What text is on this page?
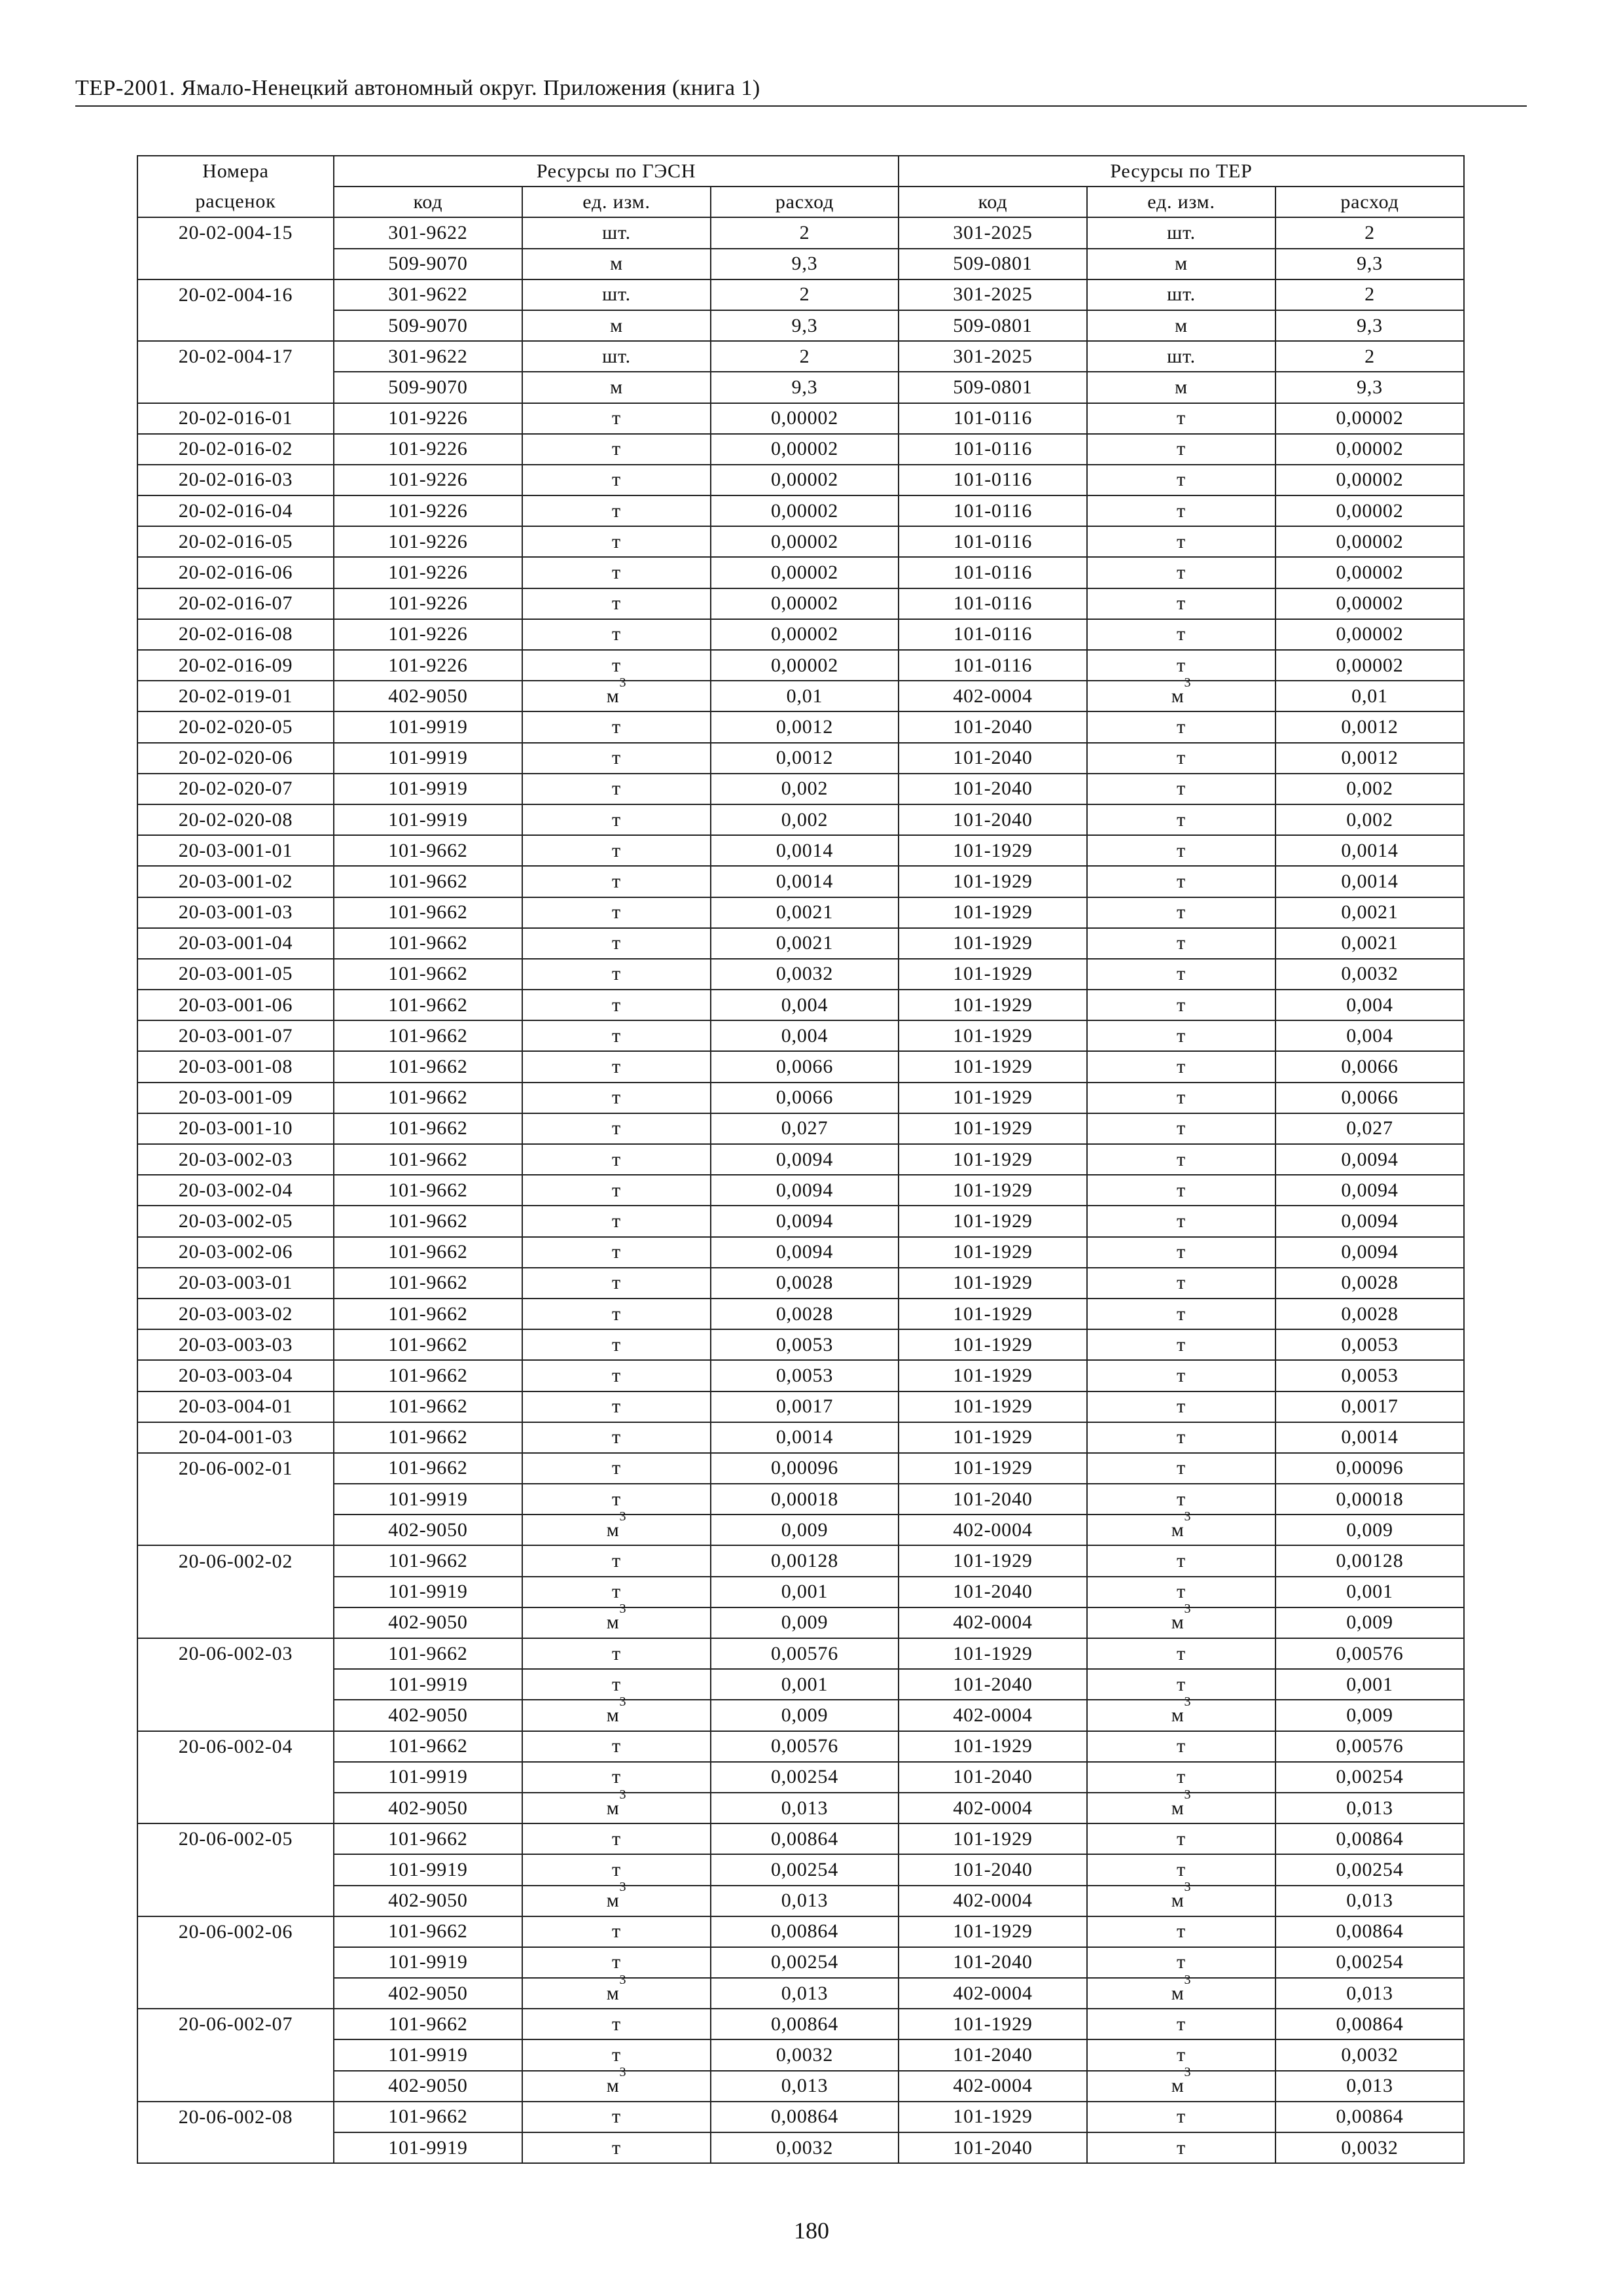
ТЕР-2001. Ямало-Ненецкий автономный округ. Приложения (книга 1)
Номера	Ресурсы по ГЭСН			Ресурсы по ТЕР		
расценок	код	ед. изм.	расход	код	ед. изм.	расход
20-02-004-15	301-9622	шт.	2	301-2025	шт.	2
	509-9070	м	9,3	509-0801	м	9,3
20-02-004-16	301-9622	шт.	2	301-2025	шт.	2
	509-9070	м	9,3	509-0801	м	9,3
20-02-004-17	301-9622	шт.	2	301-2025	шт.	2
	509-9070	м	9,3	509-0801	м	9,3
20-02-016-01	101-9226	т	0,00002	101-0116	т	0,00002
20-02-016-02	101-9226	т	0,00002	101-0116	т	0,00002
20-02-016-03	101-9226	т	0,00002	101-0116	т	0,00002
20-02-016-04	101-9226	т	0,00002	101-0116	т	0,00002
20-02-016-05	101-9226	т	0,00002	101-0116	т	0,00002
20-02-016-06	101-9226	т	0,00002	101-0116	т	0,00002
20-02-016-07	101-9226	т	0,00002	101-0116	т	0,00002
20-02-016-08	101-9226	т	0,00002	101-0116	т	0,00002
20-02-016-09	101-9226	т	0,00002	101-0116	т	0,00002
20-02-019-01	402-9050	$м^3$	0,01	402-0004	$м^3$	0,01
20-02-020-05	101-9919	т	0,0012	101-2040	т	0,0012
20-02-020-06	101-9919	т	0,0012	101-2040	т	0,0012
20-02-020-07	101-9919	т	0,002	101-2040	т	0,002
20-02-020-08	101-9919	т	0,002	101-2040	т	0,002
20-03-001-01	101-9662	т	0,0014	101-1929	т	0,0014
20-03-001-02	101-9662	т	0,0014	101-1929	т	0,0014
20-03-001-03	101-9662	т	0,0021	101-1929	т	0,0021
20-03-001-04	101-9662	т	0,0021	101-1929	т	0,0021
20-03-001-05	101-9662	т	0,0032	101-1929	т	0,0032
20-03-001-06	101-9662	т	0,004	101-1929	т	0,004
20-03-001-07	101-9662	т	0,004	101-1929	т	0,004
20-03-001-08	101-9662	т	0,0066	101-1929	т	0,0066
20-03-001-09	101-9662	т	0,0066	101-1929	т	0,0066
20-03-001-10	101-9662	т	0,027	101-1929	т	0,027
20-03-002-03	101-9662	т	0,0094	101-1929	т	0,0094
20-03-002-04	101-9662	т	0,0094	101-1929	т	0,0094
20-03-002-05	101-9662	т	0,0094	101-1929	т	0,0094
20-03-002-06	101-9662	т	0,0094	101-1929	т	0,0094
20-03-003-01	101-9662	т	0,0028	101-1929	т	0,0028
20-03-003-02	101-9662	т	0,0028	101-1929	т	0,0028
20-03-003-03	101-9662	т	0,0053	101-1929	т	0,0053
20-03-003-04	101-9662	т	0,0053	101-1929	т	0,0053
20-03-004-01	101-9662	т	0,0017	101-1929	т	0,0017
20-04-001-03	101-9662	т	0,0014	101-1929	т	0,0014
20-06-002-01	101-9662	т	0,00096	101-1929	т	0,00096
	101-9919	т	0,00018	101-2040	т	0,00018
	402-9050	$м^3$	0,009	402-0004	$м^3$	0,009
20-06-002-02	101-9662	т	0,00128	101-1929	т	0,00128
	101-9919	т	0,001	101-2040	т	0,001
	402-9050	$м^3$	0,009	402-0004	$м^3$	0,009
20-06-002-03	101-9662	т	0,00576	101-1929	т	0,00576
	101-9919	т	0,001	101-2040	т	0,001
	402-9050	$м^3$	0,009	402-0004	$м^3$	0,009
20-06-002-04	101-9662	т	0,00576	101-1929	т	0,00576
	101-9919	т	0,00254	101-2040	т	0,00254
	402-9050	$м^3$	0,013	402-0004	$м^3$	0,013
20-06-002-05	101-9662	т	0,00864	101-1929	т	0,00864
	101-9919	т	0,00254	101-2040	т	0,00254
	402-9050	$м^3$	0,013	402-0004	$м^3$	0,013
20-06-002-06	101-9662	т	0,00864	101-1929	т	0,00864
	101-9919	т	0,00254	101-2040	т	0,00254
	402-9050	$м^3$	0,013	402-0004	$м^3$	0,013
20-06-002-07	101-9662	т	0,00864	101-1929	т	0,00864
	101-9919	т	0,0032	101-2040	т	0,0032
	402-9050	$м^3$	0,013	402-0004	$м^3$	0,013
20-06-002-08	101-9662	т	0,00864	101-1929	т	0,00864
	101-9919	т	0,0032	101-2040	т	0,0032
180
